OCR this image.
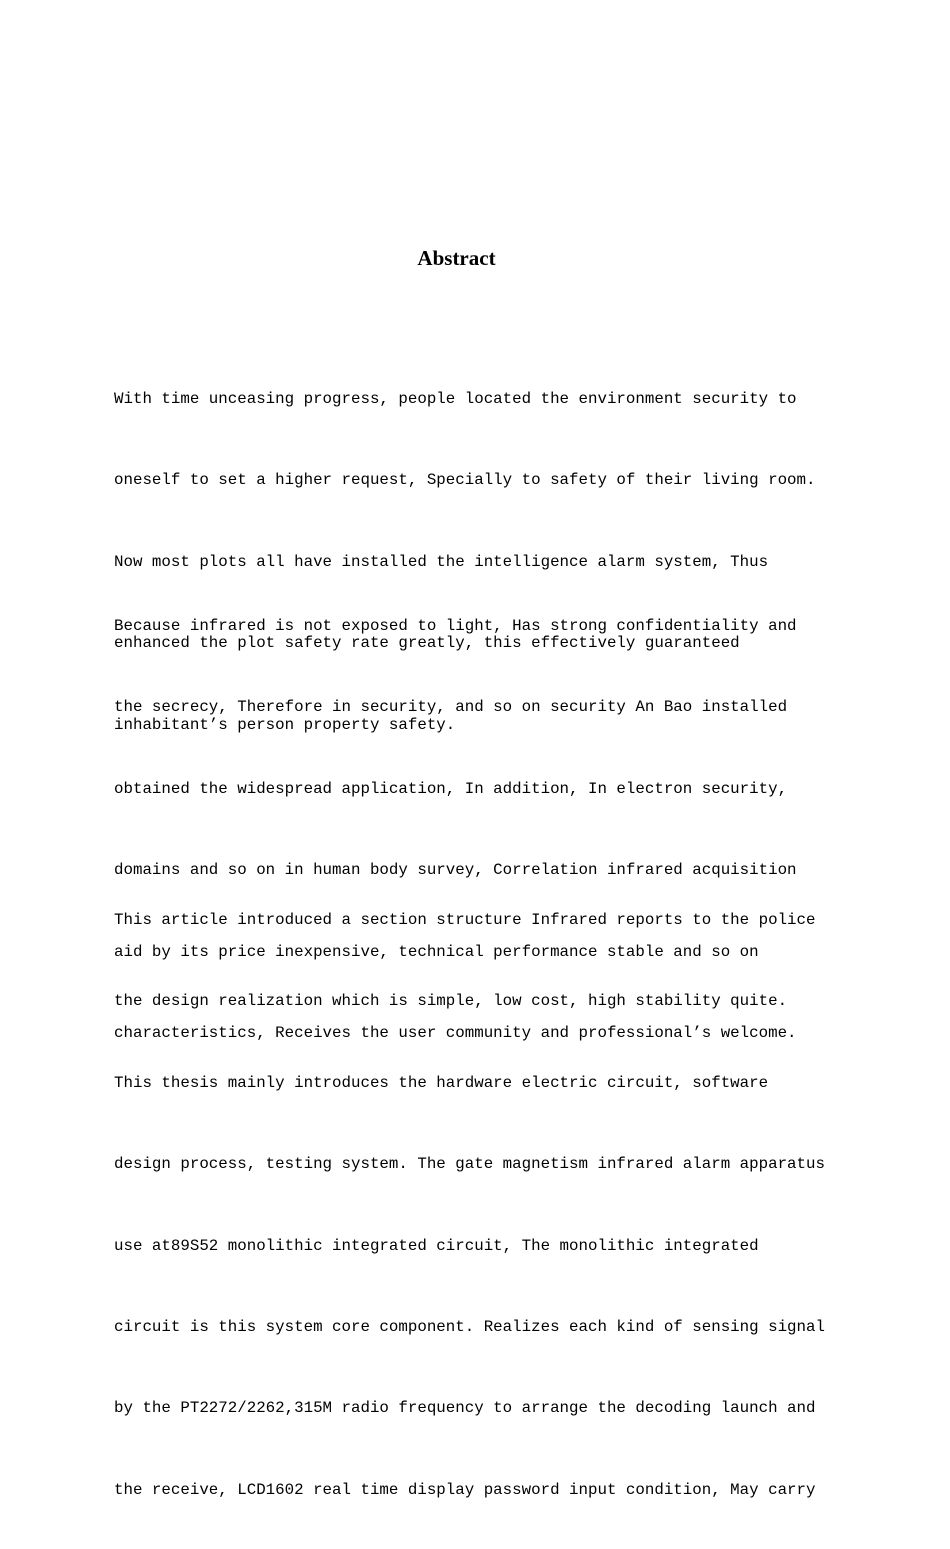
Abstract

With time unceasing progress, people located the environment security to

oneself to set a higher request, Specially to safety of their living room.

Now most plots all have installed the intelligence alarm system, Thus

enhanced the plot safety rate greatly, this effectively guaranteed

inhabitant’s person property safety.

Because infrared is not exposed to light, Has strong confidentiality and

the secrecy, Therefore in security, and so on security An Bao installed

obtained the widespread application, In addition, In electron security,

domains and so on in human body survey, Correlation infrared acquisition

aid by its price inexpensive, technical performance stable and so on

characteristics, Receives the user community and professional’s welcome.

This article introduced a section structure Infrared reports to the police

the design realization which is simple, low cost, high stability quite.

This thesis mainly introduces the hardware electric circuit, software

design process, testing system. The gate magnetism infrared alarm apparatus

use at89S52 monolithic integrated circuit, The monolithic integrated

circuit is this system core component. Realizes each kind of sensing signal

by the PT2272/2262,315M radio frequency to arrange the decoding launch and

the receive, LCD1602 real time display password input condition, May carry
